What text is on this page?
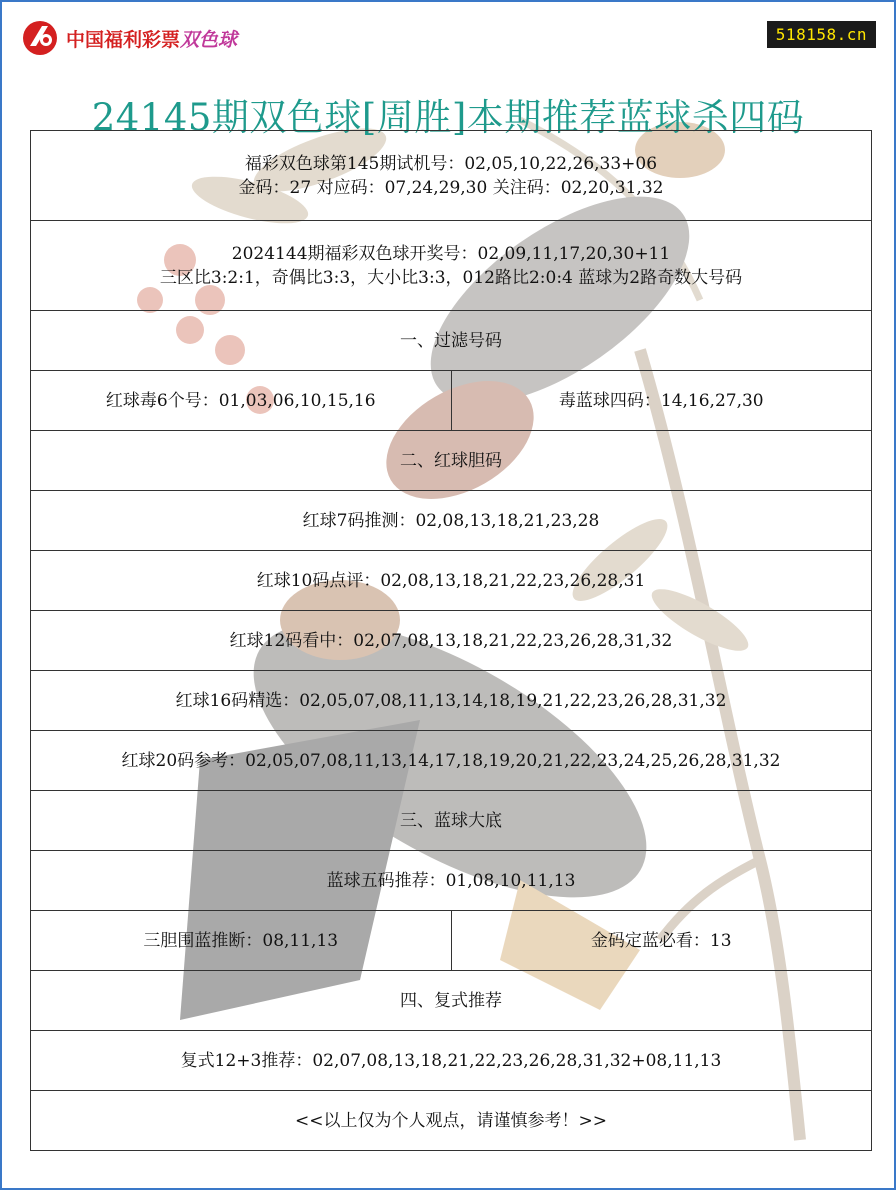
中国福利彩票双色球	518158.cn
24145期双色球[周胜]本期推荐蓝球杀四码
福彩双色球第145期试机号：02,05,10,22,26,33+06
金码：27 对应码：07,24,29,30 关注码：02,20,31,32	

2024144期福彩双色球开奖号：02,09,11,17,20,30+11
三区比3:2:1，奇偶比3:3，大小比3:3，012路比2:0:4 蓝球为2路奇数大号码	

一、过滤号码	
红球毒6个号：01,03,06,10,15,16	毒蓝球四码：14,16,27,30
二、红球胆码	
红球7码推测：02,08,13,18,21,23,28	
红球10码点评：02,08,13,18,21,22,23,26,28,31	
红球12码看中：02,07,08,13,18,21,22,23,26,28,31,32	
红球16码精选：02,05,07,08,11,13,14,18,19,21,22,23,26,28,31,32	
红球20码参考：02,05,07,08,11,13,14,17,18,19,20,21,22,23,24,25,26,28,31,32	
三、蓝球大底	
蓝球五码推荐：01,08,10,11,13	
三胆围蓝推断：08,11,13	金码定蓝必看：13
四、复式推荐	
复式12+3推荐：02,07,08,13,18,21,22,23,26,28,31,32+08,11,13	
<<以上仅为个人观点，请谨慎参考！>>	
